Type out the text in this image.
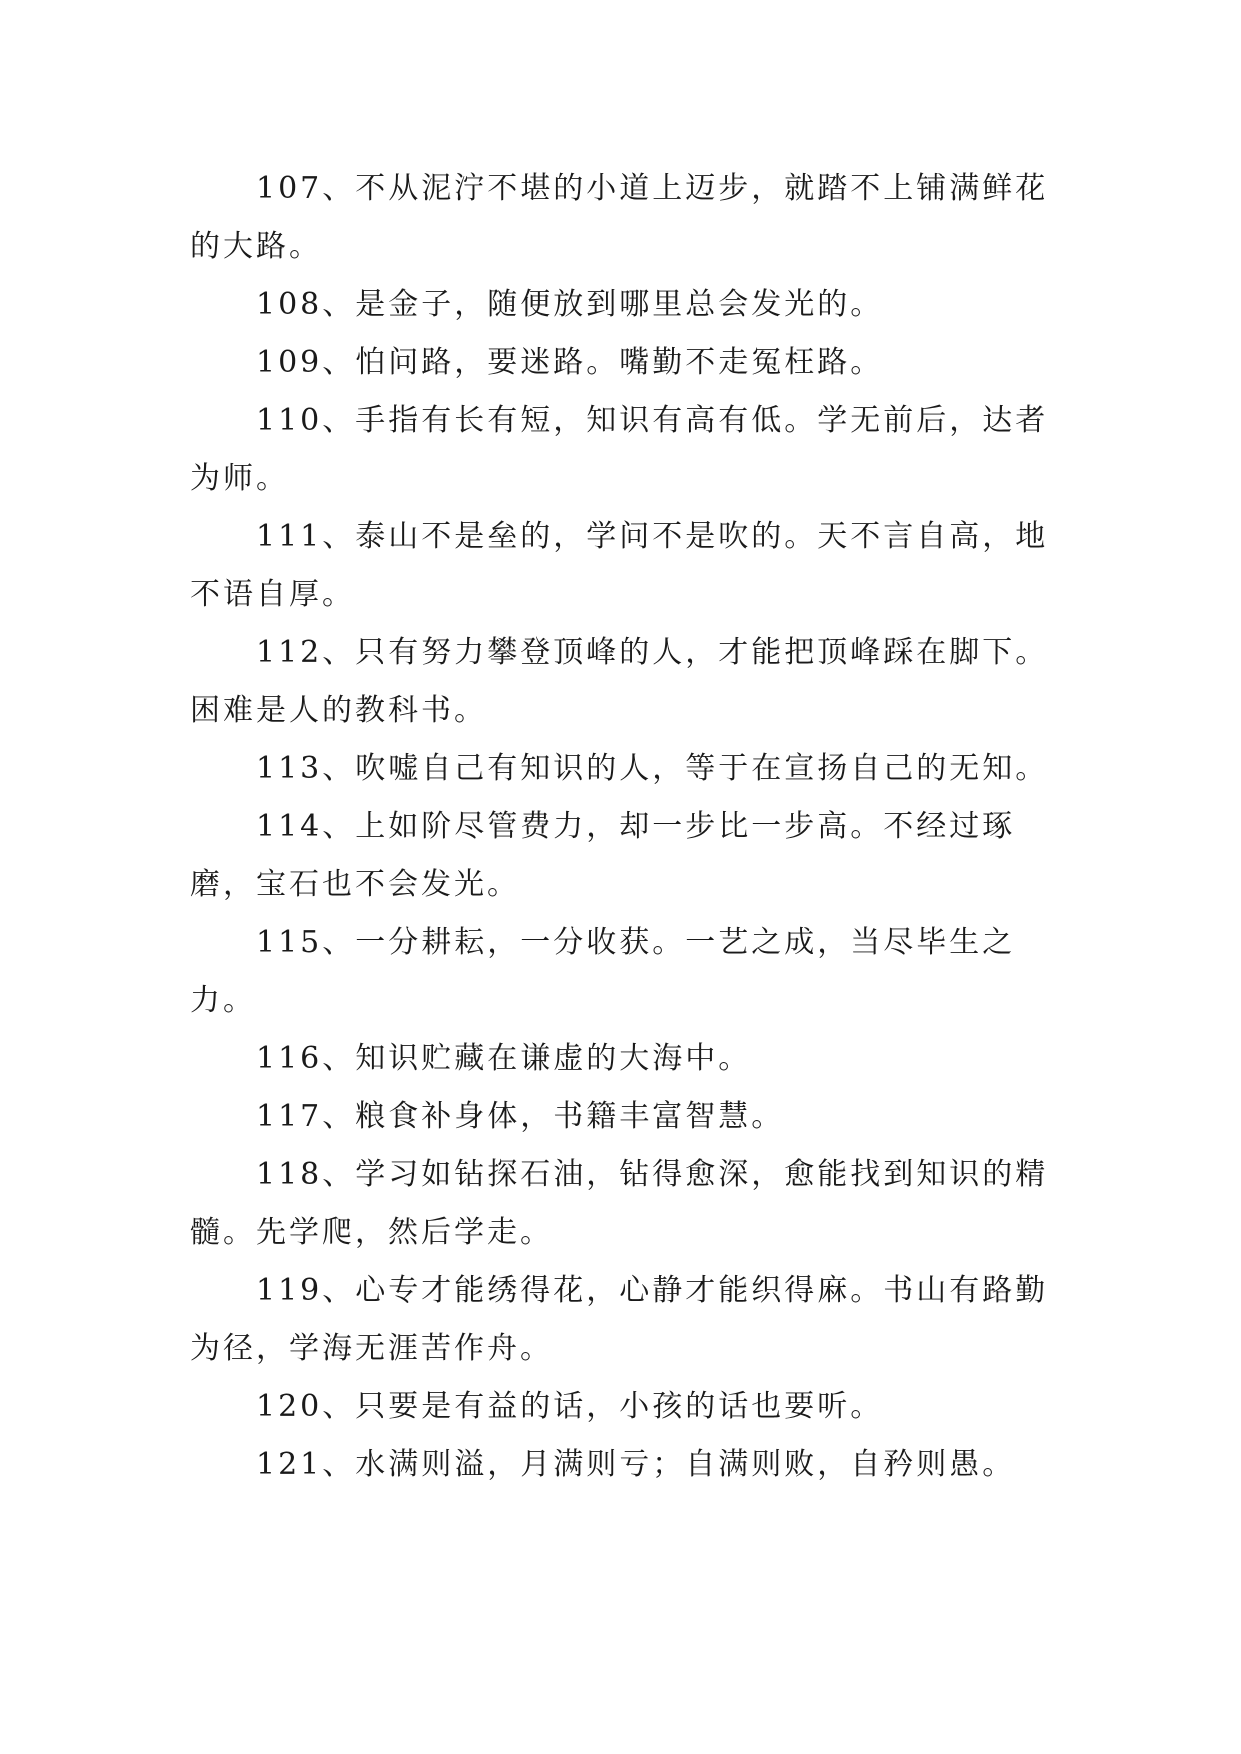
107、不从泥泞不堪的小道上迈步，就踏不上铺满鲜花的大路。

108、是金子，随便放到哪里总会发光的。

109、怕问路，要迷路。嘴勤不走冤枉路。

110、手指有长有短，知识有高有低。学无前后，达者为师。

111、泰山不是垒的，学问不是吹的。天不言自高，地不语自厚。

112、只有努力攀登顶峰的人，才能把顶峰踩在脚下。困难是人的教科书。

113、吹嘘自己有知识的人，等于在宣扬自己的无知。

114、上如阶尽管费力，却一步比一步高。不经过琢磨，宝石也不会发光。

115、一分耕耘，一分收获。一艺之成，当尽毕生之力。

116、知识贮藏在谦虚的大海中。

117、粮食补身体，书籍丰富智慧。

118、学习如钻探石油，钻得愈深，愈能找到知识的精髓。先学爬，然后学走。

119、心专才能绣得花，心静才能织得麻。书山有路勤为径，学海无涯苦作舟。

120、只要是有益的话，小孩的话也要听。

121、水满则溢，月满则亏；自满则败，自矜则愚。
